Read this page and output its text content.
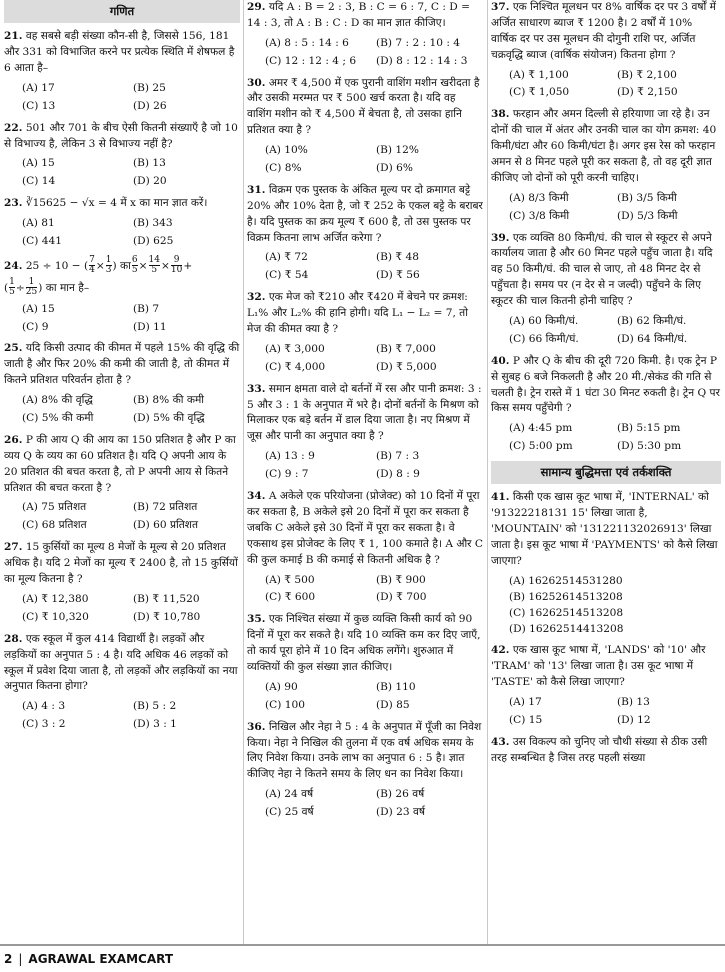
गणित
21. वह सबसे बड़ी संख्या कौन-सी है, जिससे 156, 181 और 331 को विभाजित करने पर प्रत्येक स्थिति में शेषफल है 6 आता है–
(A) 17	(B) 25
(C) 13	(D) 26
22. 501 और 701 के बीच ऐसी कितनी संख्याएँ है जो 10 से विभाज्य है, लेकिन 3 से विभाज्य नहीं है?
(A) 15	(B) 13
(C) 14	(D) 20
23. ∛15625 − √x = 4 में x का मान ज्ञात करें।
(A) 81	(B) 343
(C) 441	(D) 625
24. 25 ÷ 10 − ( $\frac{7}{4} \times \frac{1}{3}$ ) का $\frac{6}{5} \times \frac{14}{5} \times \frac{9}{10}$ +
( $\frac{1}{5} \div \frac{1}{25}$ ) का मान है–
(A) 15	(B) 7
(C) 9	(D) 11
25. यदि किसी उत्पाद की कीमत में पहले 15% की वृद्धि की जाती है और फिर 20% की कमी की जाती है, तो कीमत में कितने प्रतिशत परिवर्तन होता है ?
(A) 8% की वृद्धि	(B) 8% की कमी
(C) 5% की कमी	(D) 5% की वृद्धि
26. P की आय Q की आय का 150 प्रतिशत है और P का व्यय Q के व्यय का 60 प्रतिशत है। यदि Q अपनी आय के 20 प्रतिशत की बचत करता है, तो P अपनी आय से कितने प्रतिशत की बचत करता है ?
(A) 75 प्रतिशत	(B) 72 प्रतिशत
(C) 68 प्रतिशत	(D) 60 प्रतिशत
27. 15 कुर्सियों का मूल्य 8 मेजों के मूल्य से 20 प्रतिशत अधिक है। यदि 2 मेजों का मूल्य ₹ 2400 है, तो 15 कुर्सियों का मूल्य कितना है ?
(A) ₹ 12,380	(B) ₹ 11,520
(C) ₹ 10,320	(D) ₹ 10,780
28. एक स्कूल में कुल 414 विद्यार्थी है। लड़कों और लड़कियों का अनुपात 5 : 4 है। यदि अधिक 46 लड़कों को स्कूल में प्रवेश दिया जाता है, तो लड़कों और लड़कियों का नया अनुपात कितना होगा?
(A) 4 : 3	(B) 5 : 2
(C) 3 : 2	(D) 3 : 1
29. यदि A : B = 2 : 3, B : C = 6 : 7, C : D = 14 : 3, तो A : B : C : D का मान ज्ञात कीजिए।
(A) 8 : 5 : 14 : 6	(B) 7 : 2 : 10 : 4
(C) 12 : 12 : 4 ; 6	(D) 8 : 12 : 14 : 3
30. अमर ₹ 4,500 में एक पुरानी वाशिंग मशीन खरीदता है और उसकी मरम्मत पर ₹ 500 खर्च करता है। यदि वह वाशिंग मशीन को ₹ 4,500 में बेचता है, तो उसका हानि प्रतिशत क्या है ?
(A) 10%	(B) 12%
(C) 8%	(D) 6%
31. विक्रम एक पुस्तक के अंकित मूल्य पर दो क्रमागत बट्टे 20% और 10% देता है, जो ₹ 252 के एकल बट्टे के बराबर है। यदि पुस्तक का क्रय मूल्य ₹ 600 है, तो उस पुस्तक पर विक्रम कितना लाभ अर्जित करेगा ?
(A) ₹ 72	(B) ₹ 48
(C) ₹ 54	(D) ₹ 56
32. एक मेज को ₹210 और ₹420 में बेचने पर क्रमश: L₁% और L₂% की हानि होगी। यदि L₁ − L₂ = 7, तो मेज की कीमत क्या है ?
(A) ₹ 3,000	(B) ₹ 7,000
(C) ₹ 4,000	(D) ₹ 5,000
33. समान क्षमता वाले दो बर्तनों में रस और पानी क्रमश: 3 : 5 और 3 : 1 के अनुपात में भरे है। दोनों बर्तनों के मिश्रण को मिलाकर एक बड़े बर्तन में डाल दिया जाता है। नए मिश्रण में जूस और पानी का अनुपात क्या है ?
(A) 13 : 9	(B) 7 : 3
(C) 9 : 7	(D) 8 : 9
34. A अकेले एक परियोजना (प्रोजेक्ट) को 10 दिनों में पूरा कर सकता है, B अकेले इसे 20 दिनों में पूरा कर सकता है जबकि C अकेले इसे 30 दिनों में पूरा कर सकता है। वे एकसाथ इस प्रोजेक्ट के लिए ₹ 1, 100 कमाते है। A और C की कुल कमाई B की कमाई से कितनी अधिक है ?
(A) ₹ 500	(B) ₹ 900
(C) ₹ 600	(D) ₹ 700
35. एक निश्चित संख्या में कुछ व्यक्ति किसी कार्य को 90 दिनों में पूरा कर सकते है। यदि 10 व्यक्ति कम कर दिए जाएँ, तो कार्य पूरा होने में 10 दिन अधिक लगेंगे। शुरुआत में व्यक्तियों की कुल संख्या ज्ञात कीजिए।
(A) 90	(B) 110
(C) 100	(D) 85
36. निखिल और नेहा ने 5 : 4 के अनुपात में पूँजी का निवेश किया। नेहा ने निखिल की तुलना में एक वर्ष अधिक समय के लिए निवेश किया। उनके लाभ का अनुपात 6 : 5 है। ज्ञात कीजिए नेहा ने कितने समय के लिए धन का निवेश किया।
(A) 24 वर्ष	(B) 26 वर्ष
(C) 25 वर्ष	(D) 23 वर्ष
37. एक निश्चित मूलधन पर 8% वार्षिक दर पर 3 वर्षों में अर्जित साधारण ब्याज ₹ 1200 है। 2 वर्षों में 10% वार्षिक दर पर उस मूलधन की दोगुनी राशि पर, अर्जित चक्रवृद्धि ब्याज (वार्षिक संयोजन) कितना होगा ?
(A) ₹ 1,100	(B) ₹ 2,100
(C) ₹ 1,050	(D) ₹ 2,150
38. फरहान और अमन दिल्ली से हरियाणा जा रहे है। उन दोनों की चाल में अंतर और उनकी चाल का योग क्रमश: 40 किमी/घंटा और 60 किमी/घंटा है। अगर इस रेस को फरहान अमन से 8 मिनट पहले पूरी कर सकता है, तो वह दूरी ज्ञात कीजिए जो दोनों को पूरी करनी चाहिए।
(A) 8/3 किमी	(B) 3/5 किमी
(C) 3/8 किमी	(D) 5/3 किमी
39. एक व्यक्ति 80 किमी/घं. की चाल से स्कूटर से अपने कार्यालय जाता है और 60 मिनट पहले पहुँच जाता है। यदि वह 50 किमी/घं. की चाल से जाए, तो 48 मिनट देर से पहुँचता है। समय पर (न देर से न जल्दी) पहुँचने के लिए स्कूटर की चाल कितनी होनी चाहिए ?
(A) 60 किमी/घं.	(B) 62 किमी/घं.
(C) 66 किमी/घं.	(D) 64 किमी/घं.
40. P और Q के बीच की दूरी 720 किमी. है। एक ट्रेन P से सुबह 6 बजे निकलती है और 20 मी./सेकंड की गति से चलती है। ट्रेन रास्ते में 1 घंटा 30 मिनट रुकती है। ट्रेन Q पर किस समय पहुँचेगी ?
(A) 4:45 pm	(B) 5:15 pm
(C) 5:00 pm	(D) 5:30 pm
सामान्य बुद्धिमत्ता एवं तर्कशक्ति
41. किसी एक खास कूट भाषा में, 'INTERNAL' को '91322218131 15' लिखा जाता है, 'MOUNTAIN' को '131221132026913' लिखा जाता है। इस कूट भाषा में 'PAYMENTS' को कैसे लिखा जाएगा?
(A) 16262514531280
(B) 16252614513208
(C) 16262514513208
(D) 16262514413208
42. एक खास कूट भाषा में, 'LANDS' को '10' और 'TRAM' को '13' लिखा जाता है। उस कूट भाषा में 'TASTE' को कैसे लिखा जाएगा?
(A) 17	(B) 13
(C) 15	(D) 12
43. उस विकल्प को चुनिए जो चौथी संख्या से ठीक उसी तरह सम्बन्धित है जिस तरह पहली संख्या
2 | AGRAWAL EXAMCART
